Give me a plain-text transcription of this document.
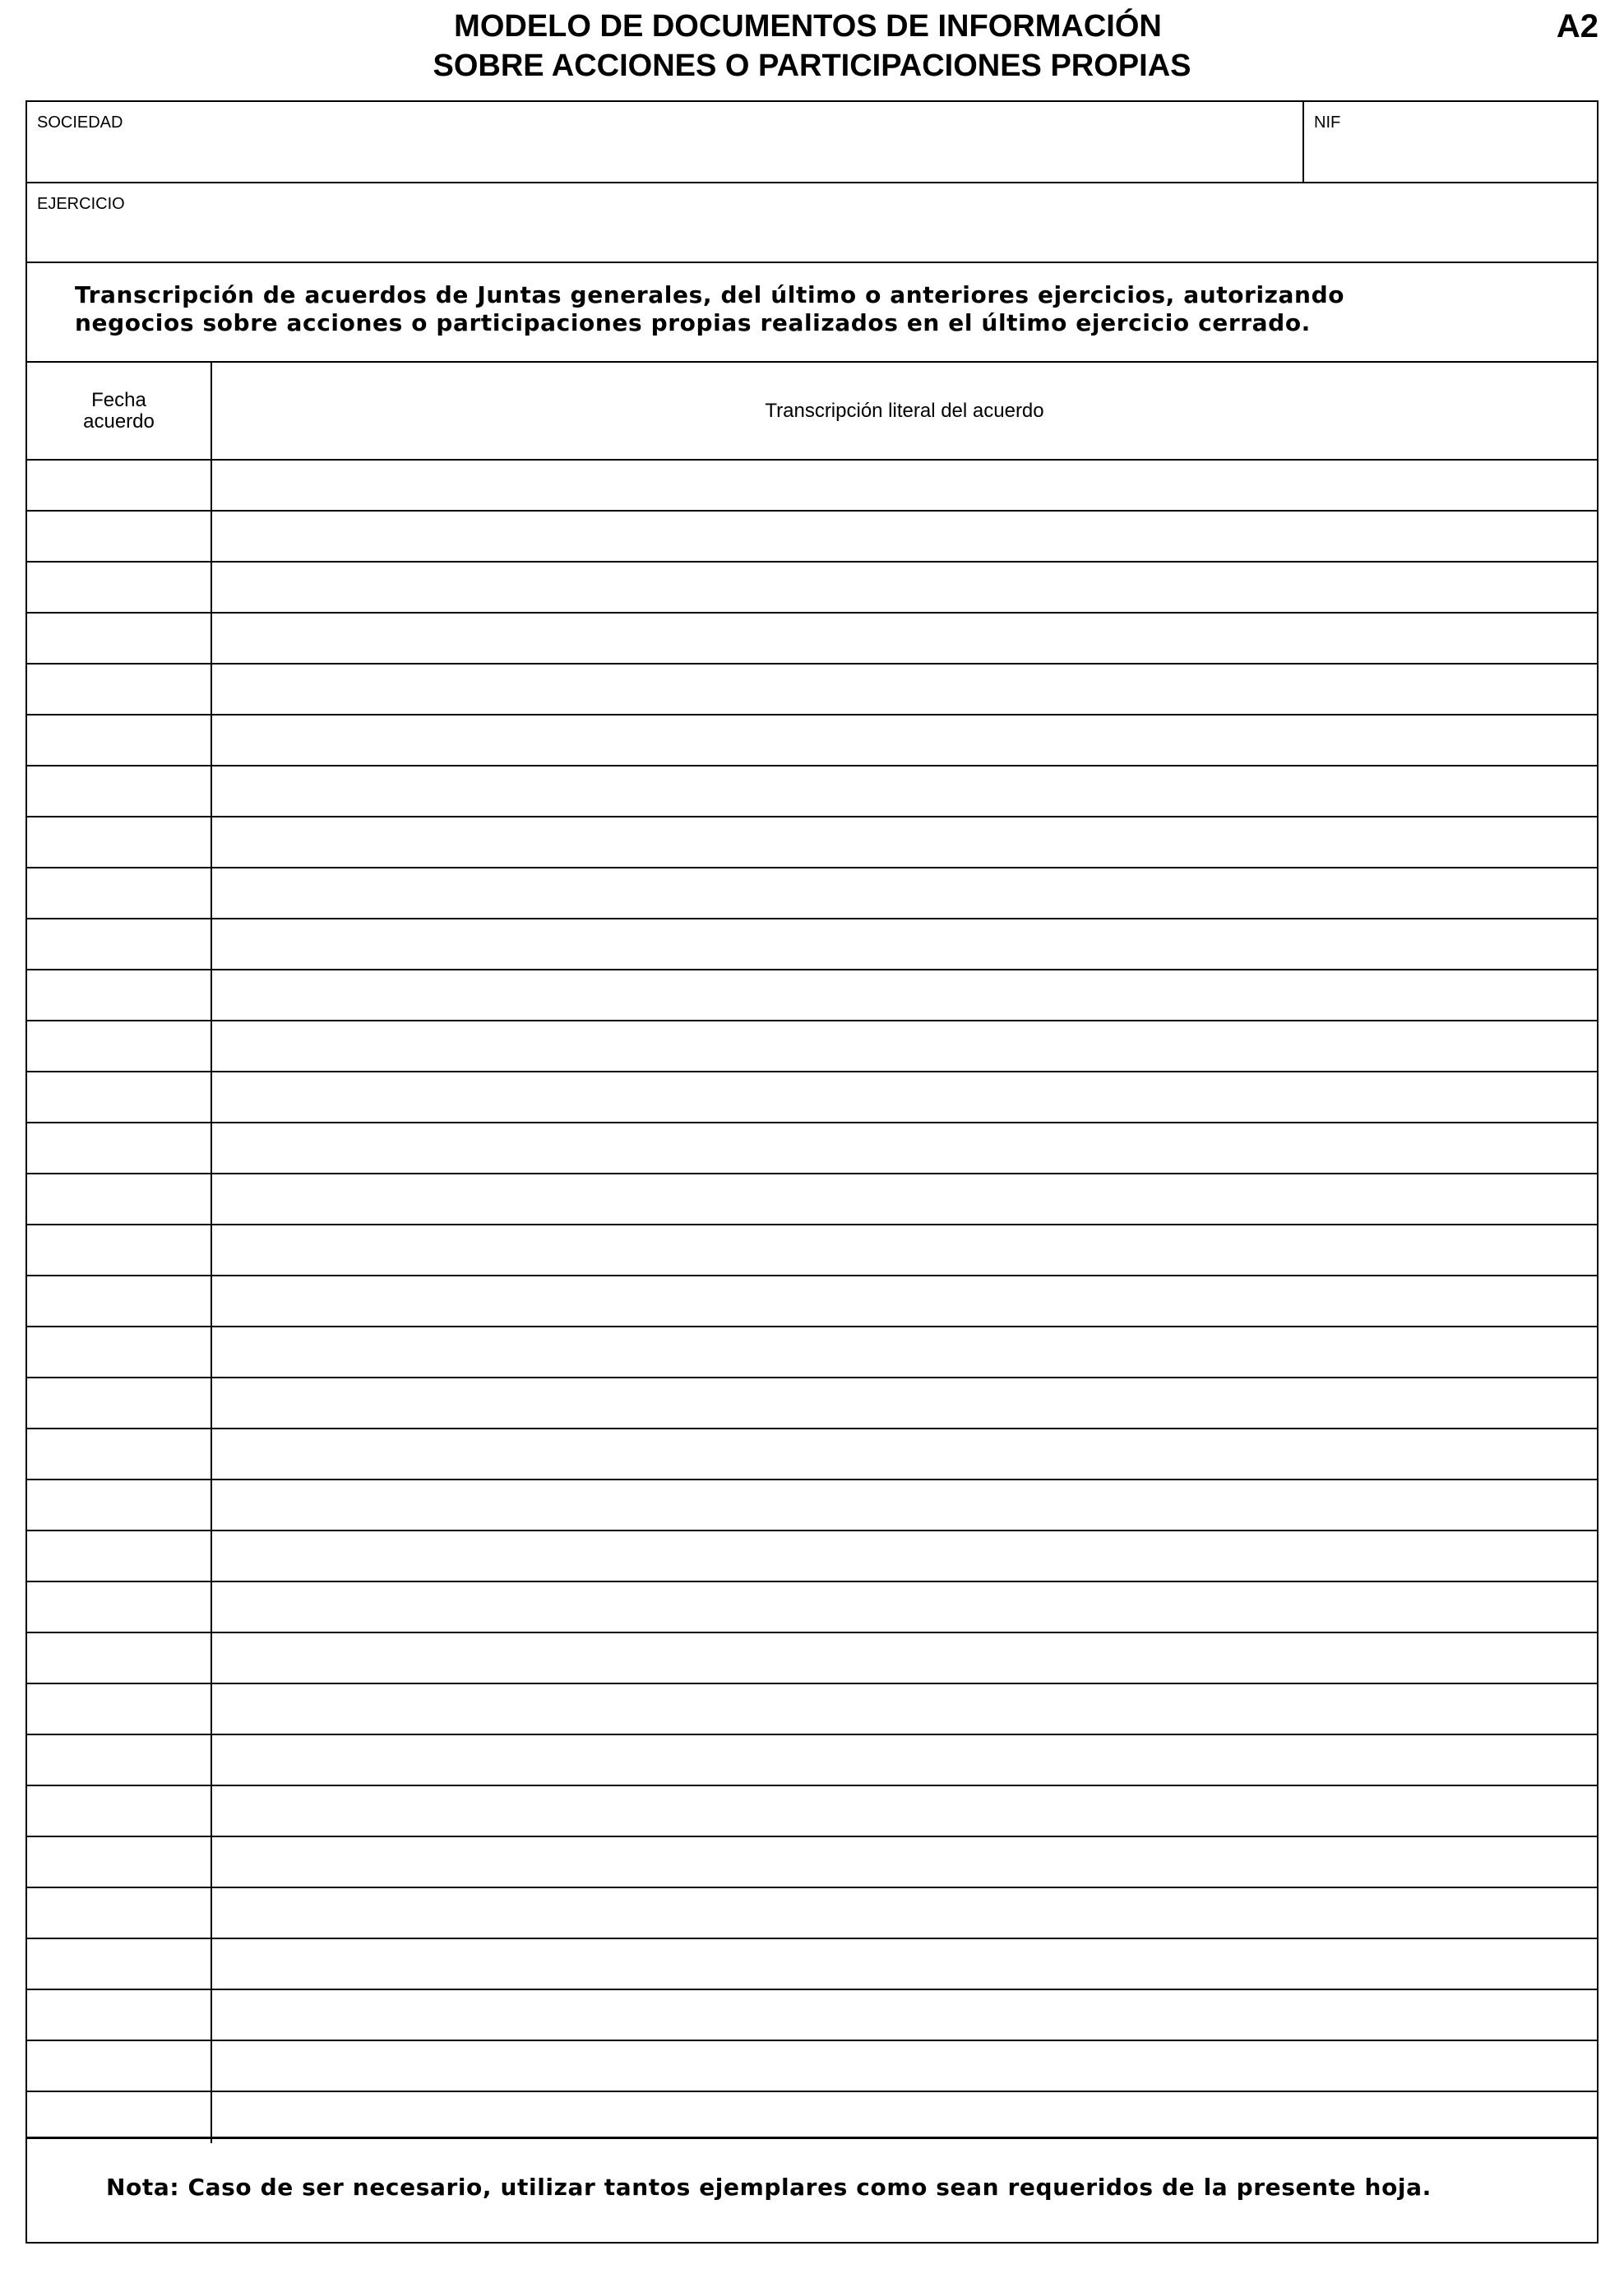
MODELO DE DOCUMENTOS DE INFORMACIÓN
SOBRE ACCIONES O PARTICIPACIONES PROPIAS
A2
SOCIEDAD	NIF
EJERCICIO

Transcripción de acuerdos de Juntas generales, del último o anteriores ejercicios, autorizando negocios sobre acciones o participaciones propias realizados en el último ejercicio cerrado.

Fecha
acuerdo	Transcripción literal del acuerdo

Nota: Caso de ser necesario, utilizar tantos ejemplares como sean requeridos de la presente hoja.
